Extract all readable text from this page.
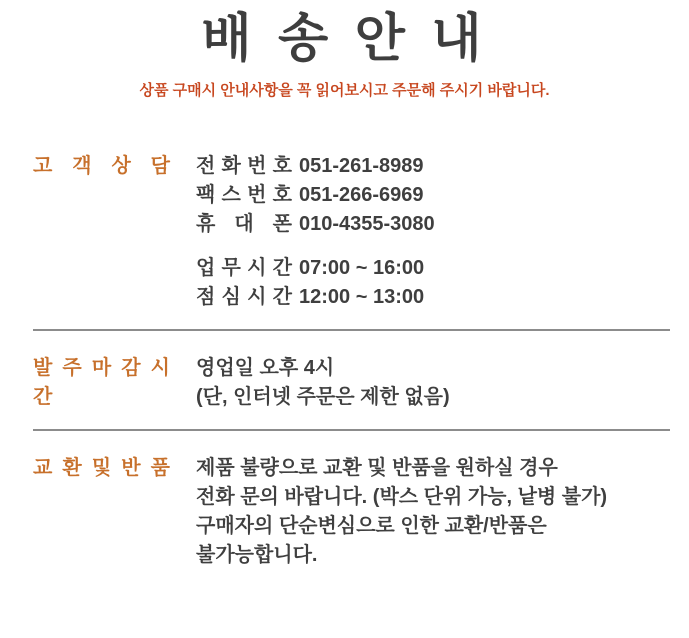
배 송 안 내

상품 구매시 안내사항을 꼭 읽어보시고 주문해 주시기 바랍니다.

고 객 상 담 전 화 번 호 051-261-8989
팩 스 번 호 051-266-6969
휴 대 폰 010-4355-3080
업 무 시 간 07:00 ~ 16:00
점 심 시 간 12:00 ~ 13:00
발 주 마 감 시 간

영업일 오후 4시

(단, 인터넷 주문은 제한 없음)

교 환 및 반 품 제품 불량으로 교환 및 반품을 원하실 경우

전화 문의 바랍니다. (박스 단위 가능, 낱병 불가)

구매자의 단순변심으로 인한 교환/반품은

불가능합니다.
